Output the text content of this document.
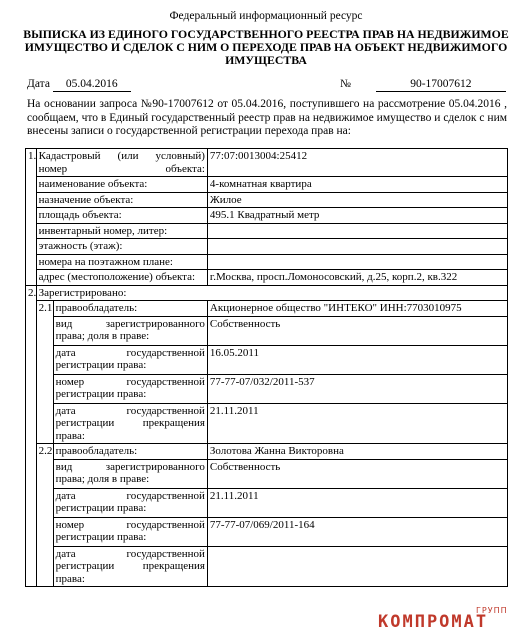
Федеральный информационный ресурс
ВЫПИСКА ИЗ ЕДИНОГО ГОСУДАРСТВЕННОГО РЕЕСТРА ПРАВ НА НЕДВИЖИМОЕ ИМУЩЕСТВО И СДЕЛОК С НИМ О ПЕРЕХОДЕ ПРАВ НА ОБЪЕКТ НЕДВИЖИМОГО ИМУЩЕСТВА
Дата 05.04.2016	№	90-17007612

На основании запроса №90-17007612 от 05.04.2016, поступившего на рассмотрение 05.04.2016 , сообщаем, что в Единый государственный реестр прав на недвижимое имущество и сделок с ним внесены записи о государственной регистрации перехода прав на:

1.	Кадастровый (или условный) номер объекта:		77:07:0013004:25412
	наименование объекта:		4-комнатная квартира
	назначение объекта:		Жилое
	площадь объекта:		495.1 Квадратный метр
	инвентарный номер, литер:		
	этажность (этаж):		
	номера на поэтажном плане:		
	адрес (местоположение) объекта:		г.Москва, просп.Ломоносовский, д.25, корп.2, кв.322
2.	Зарегистрировано:		
	2.1	правообладатель:	Акционерное общество "ИНТЕКО" ИНН:7703010975
		вид зарегистрированного права; доля в праве:	Собственность
		дата государственной регистрации права:	16.05.2011
		номер государственной регистрации права:	77-77-07/032/2011-537
		дата государственной регистрации прекращения права:	21.11.2011
	2.2	правообладатель:	Золотова Жанна Викторовна
		вид зарегистрированного права; доля в праве:	Собственность
		дата государственной регистрации права:	21.11.2011
		номер государственной регистрации права:	77-77-07/069/2011-164
		дата государственной регистрации прекращения права:	
ГРУПП
КОМПРОМАТ
